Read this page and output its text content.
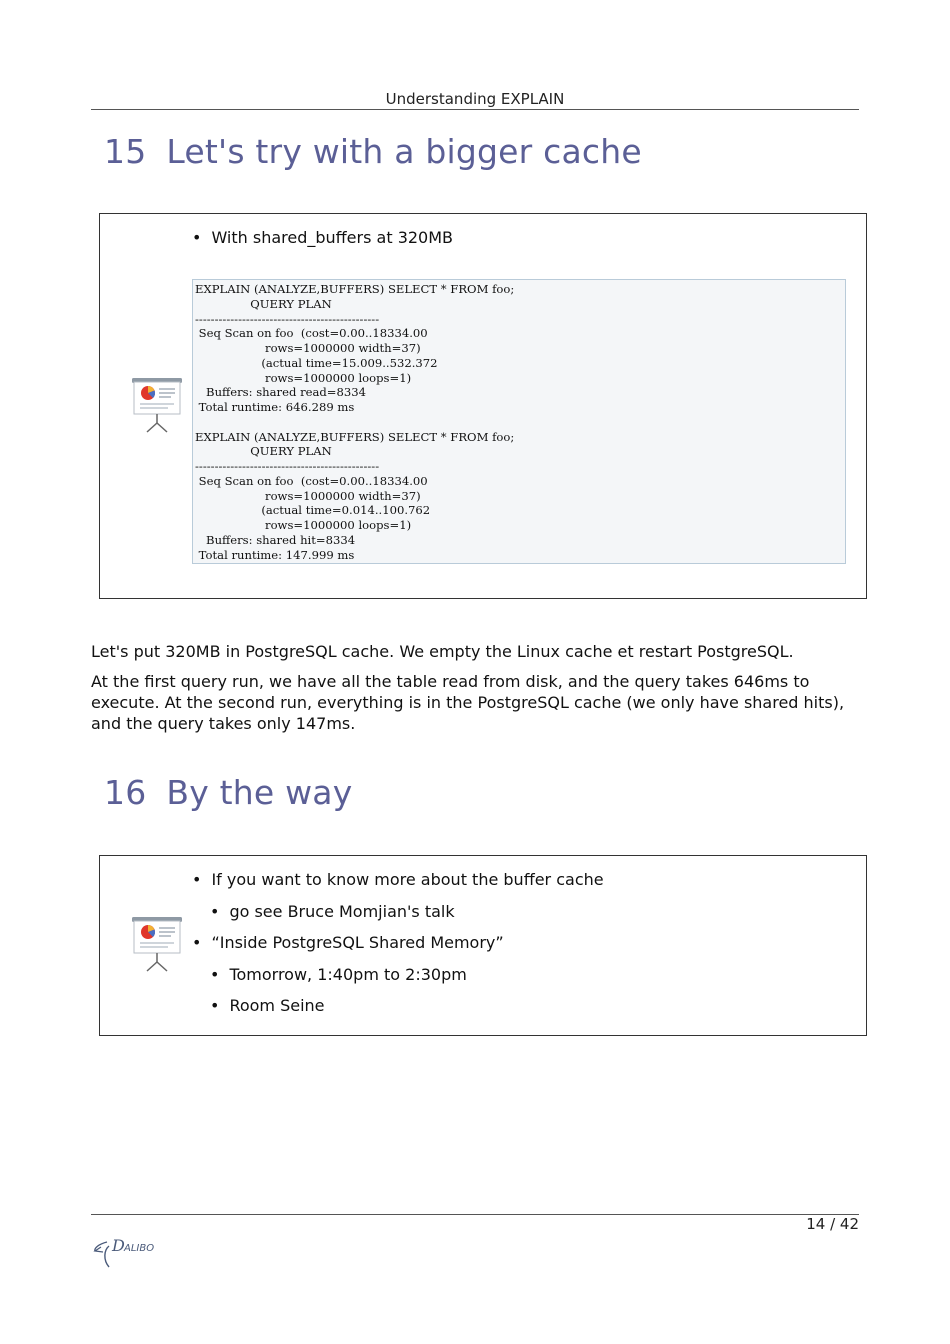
Understanding EXPLAIN
15 Let's try with a bigger cache
• With shared_buffers at 320MB
EXPLAIN (ANALYZE,BUFFERS) SELECT * FROM foo;
QUERY PLAN
-----------------------------------------------
Seq Scan on foo  (cost=0.00..18334.00
rows=1000000 width=37)
(actual time=15.009..532.372
rows=1000000 loops=1)
Buffers: shared read=8334
Total runtime: 646.289 ms

EXPLAIN (ANALYZE,BUFFERS) SELECT * FROM foo;
QUERY PLAN
-----------------------------------------------
Seq Scan on foo  (cost=0.00..18334.00
rows=1000000 width=37)
(actual time=0.014..100.762
rows=1000000 loops=1)
Buffers: shared hit=8334
Total runtime: 147.999 ms

Let's put 320MB in PostgreSQL cache. We empty the Linux cache et restart PostgreSQL.

At the first query run, we have all the table read from disk, and the query takes 646ms to execute. At the second run, everything is in the PostgreSQL cache (we only have shared hits), and the query takes only 147ms.

16 By the way
• If you want to know more about the buffer cache
• go see Bruce Momjian's talk
• “Inside PostgreSQL Shared Memory”
• Tomorrow, 1:40pm to 2:30pm
• Room Seine
14 / 42
D ALIBO
